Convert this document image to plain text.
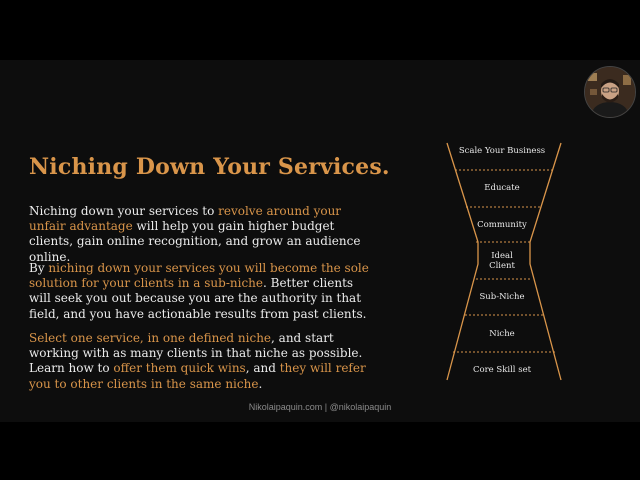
Niching Down Your Services.

Niching down your services to revolve around your unfair advantage will help you gain higher budget clients, gain online recognition, and grow an audience online.

By niching down your services you will become the sole solution for your clients in a sub-niche. Better clients will seek you out because you are the authority in that field, and you have actionable results from past clients.

Select one service, in one defined niche, and start working with as many clients in that niche as possible. Learn how to offer them quick wins, and they will refer you to other clients in the same niche.

Scale Your Business
Educate
Community
Ideal
Client
Sub-Niche
Niche
Core Skill set
Nikolaipaquin.com | @nikolaipaquin
